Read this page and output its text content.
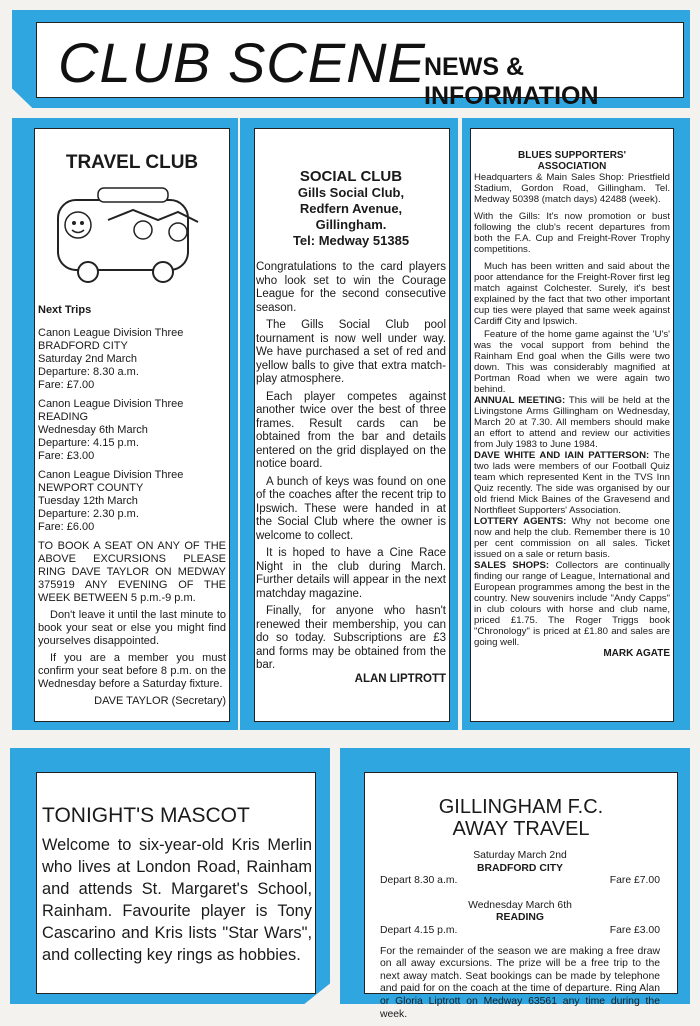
CLUB SCENE
NEWS & INFORMATION
TRAVEL CLUB
Next Trips
Canon League Division Three
BRADFORD CITY
Saturday 2nd March
Departure: 8.30 a.m.
Fare: £7.00
Canon League Division Three
READING
Wednesday 6th March
Departure: 4.15 p.m.
Fare: £3.00
Canon League Division Three
NEWPORT COUNTY
Tuesday 12th March
Departure: 2.30 p.m.
Fare: £6.00

TO BOOK A SEAT ON ANY OF THE ABOVE EXCURSIONS PLEASE RING DAVE TAYLOR ON MEDWAY 375919 ANY EVENING OF THE WEEK BETWEEN 5 p.m.-9 p.m.

Don't leave it until the last minute to book your seat or else you might find yourselves disappointed.

If you are a member you must confirm your seat before 8 p.m. on the Wednesday before a Saturday fixture.

DAVE TAYLOR (Secretary)
SOCIAL CLUB
Gills Social Club, Redfern Avenue, Gillingham.
Tel: Medway 51385

Congratulations to the card players who look set to win the Courage League for the second consecutive season.

The Gills Social Club pool tournament is now well under way. We have purchased a set of red and yellow balls to give that extra match-play atmosphere.

Each player competes against another twice over the best of three frames. Result cards can be obtained from the bar and details entered on the grid displayed on the notice board.

A bunch of keys was found on one of the coaches after the recent trip to Ipswich. These were handed in at the Social Club where the owner is welcome to collect.

It is hoped to have a Cine Race Night in the club during March. Further details will appear in the next matchday magazine.

Finally, for anyone who hasn't renewed their membership, you can do so today. Subscriptions are £3 and forms may be obtained from the bar.

ALAN LIPTROTT
BLUES SUPPORTERS' ASSOCIATION

Headquarters & Main Sales Shop: Priestfield Stadium, Gordon Road, Gillingham. Tel. Medway 50398 (match days) 42488 (week).

With the Gills: It's now promotion or bust following the club's recent departures from both the F.A. Cup and Freight-Rover Trophy competitions.

Much has been written and said about the poor attendance for the Freight-Rover first leg match against Colchester. Surely, it's best explained by the fact that two other important cup ties were played that same week against Cardiff City and Ipswich.

Feature of the home game against the 'U's' was the vocal support from behind the Rainham End goal when the Gills were two down. This was considerably magnified at Portman Road when we were again two behind.

ANNUAL MEETING: This will be held at the Livingstone Arms Gillingham on Wednesday, March 20 at 7.30. All members should make an effort to attend and review our activities from July 1983 to June 1984.

DAVE WHITE AND IAIN PATTERSON: The two lads were members of our Football Quiz team which represented Kent in the TVS Inn Quiz recently. The side was organised by our old friend Mick Baines of the Gravesend and Northfleet Supporters' Association.

LOTTERY AGENTS: Why not become one now and help the club. Remember there is 10 per cent commission on all sales. Ticket issued on a sale or return basis.

SALES SHOPS: Collectors are continually finding our range of League, International and European programmes among the best in the country. New souvenirs include "Andy Capps" in club colours with horse and club name, priced £1.75. The Roger Triggs book "Chronology" is priced at £1.80 and sales are going well.

MARK AGATE
TONIGHT'S MASCOT
Welcome to six-year-old Kris Merlin who lives at London Road, Rainham and attends St. Margaret's School, Rainham. Favourite player is Tony Cascarino and Kris lists "Star Wars", and collecting key rings as hobbies.
GILLINGHAM F.C.
AWAY TRAVEL
Saturday March 2nd
BRADFORD CITY
Depart 8.30 a.m.	Fare £7.00
Wednesday March 6th
READING
Depart 4.15 p.m.	Fare £3.00
For the remainder of the season we are making a free draw on all away excursions. The prize will be a free trip to the next away match. Seat bookings can be made by telephone and paid for on the coach at the time of departure. Ring Alan or Gloria Liptrott on Medway 63561 any time during the week.
